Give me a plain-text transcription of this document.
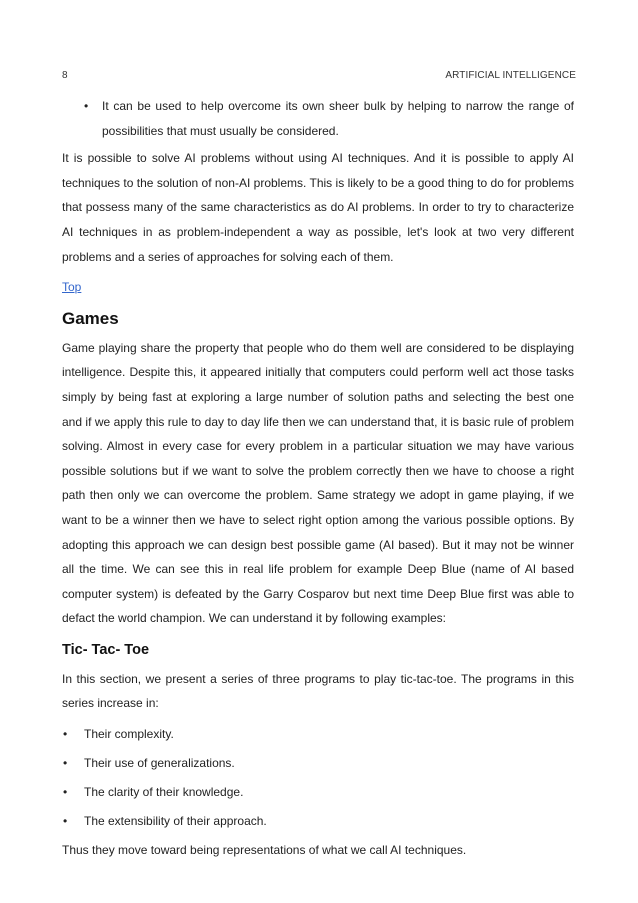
8	ARTIFICIAL INTELLIGENCE
• It can be used to help overcome its own sheer bulk by helping to narrow the range of possibilities that must usually be considered.

It is possible to solve AI problems without using AI techniques. And it is possible to apply AI techniques to the solution of non-AI problems. This is likely to be a good thing to do for problems that possess many of the same characteristics as do AI problems. In order to try to characterize AI techniques in as problem-independent a way as possible, let's look at two very different problems and a series of approaches for solving each of them.

Top
Games

Game playing share the property that people who do them well are considered to be displaying intelligence. Despite this, it appeared initially that computers could perform well act those tasks simply by being fast at exploring a large number of solution paths and selecting the best one and if we apply this rule to day to day life then we can understand that, it is basic rule of problem solving. Almost in every case for every problem in a particular situation we may have various possible solutions but if we want to solve the problem correctly then we have to choose a right path then only we can overcome the problem. Same strategy we adopt in game playing, if we want to be a winner then we have to select right option among the various possible options. By adopting this approach we can design best possible game (AI based). But it may not be winner all the time. We can see this in real life problem for example Deep Blue (name of AI based computer system) is defeated by the Garry Cosparov but next time Deep Blue first was able to defact the world champion. We can understand it by following examples:

Tic- Tac- Toe

In this section, we present a series of three programs to play tic-tac-toe. The programs in this series increase in:

• Their complexity.
• Their use of generalizations.
• The clarity of their knowledge.
• The extensibility of their approach.

Thus they move toward being representations of what we call AI techniques.
